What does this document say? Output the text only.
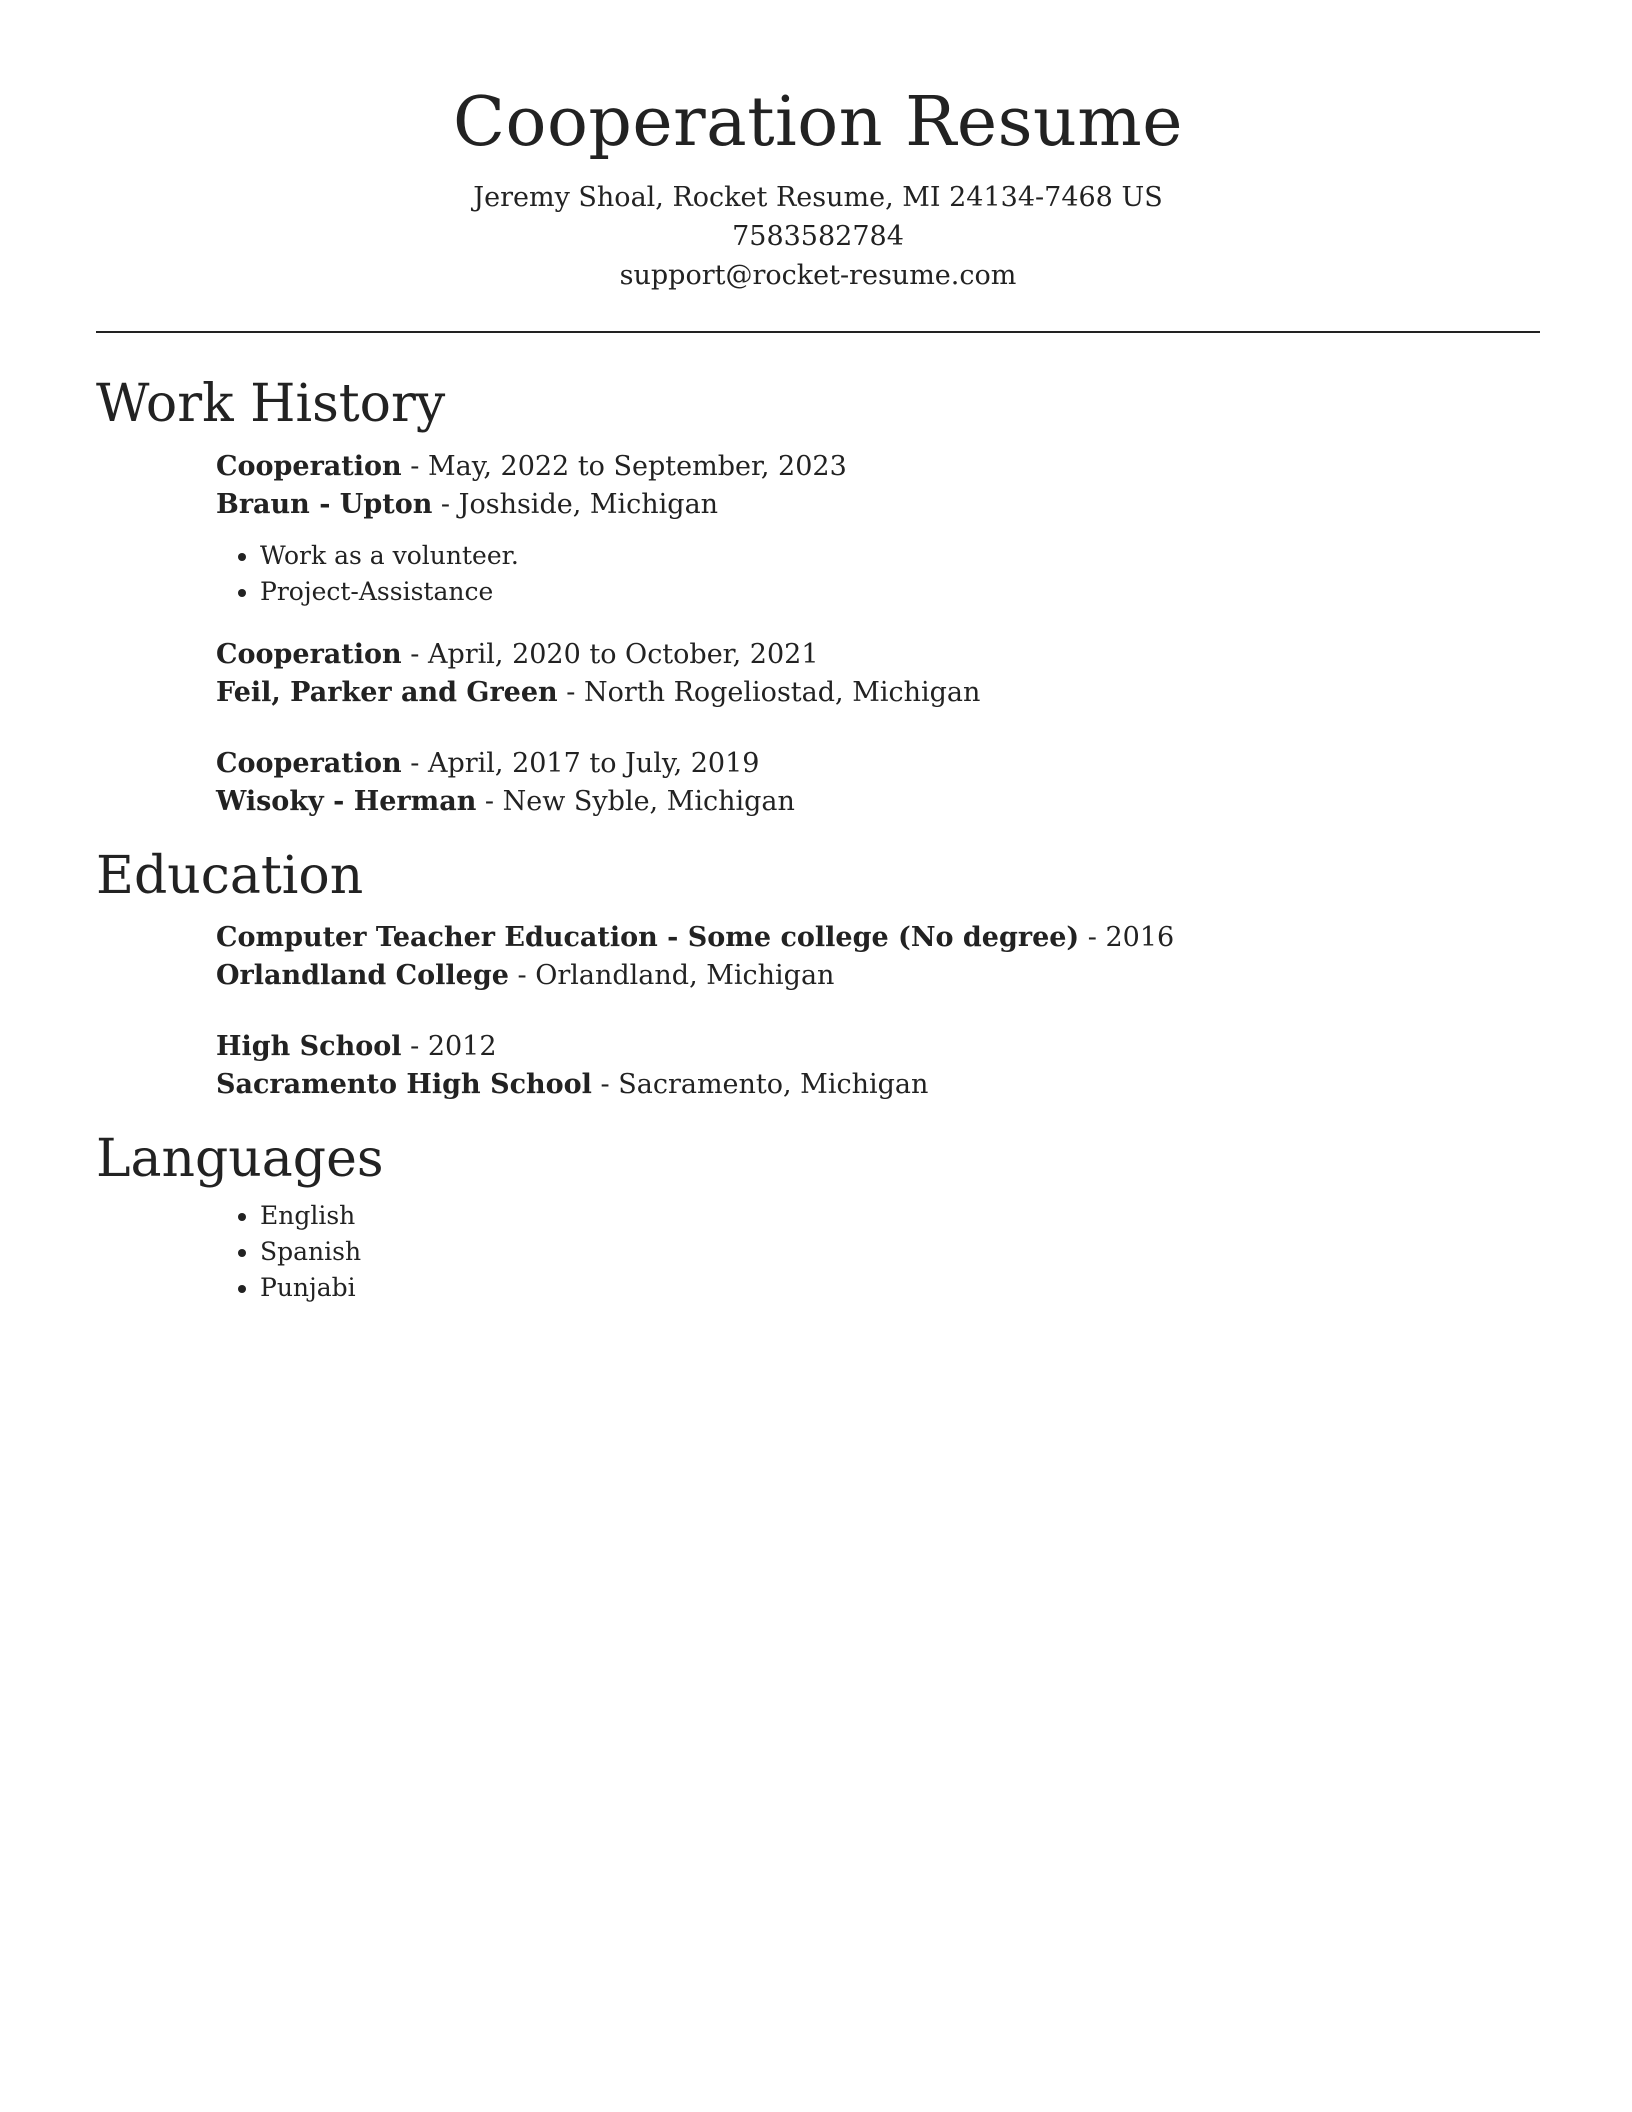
Cooperation Resume
Jeremy Shoal, Rocket Resume, MI 24134-7468 US
7583582784
support@rocket-resume.com
Work History
Cooperation - May, 2022 to September, 2023
Braun - Upton - Joshside, Michigan
• Work as a volunteer.
• Project-Assistance
Cooperation - April, 2020 to October, 2021
Feil, Parker and Green - North Rogeliostad, Michigan
Cooperation - April, 2017 to July, 2019
Wisoky - Herman - New Syble, Michigan
Education
Computer Teacher Education - Some college (No degree) - 2016
Orlandland College - Orlandland, Michigan
High School - 2012
Sacramento High School - Sacramento, Michigan
Languages
• English
• Spanish
• Punjabi
